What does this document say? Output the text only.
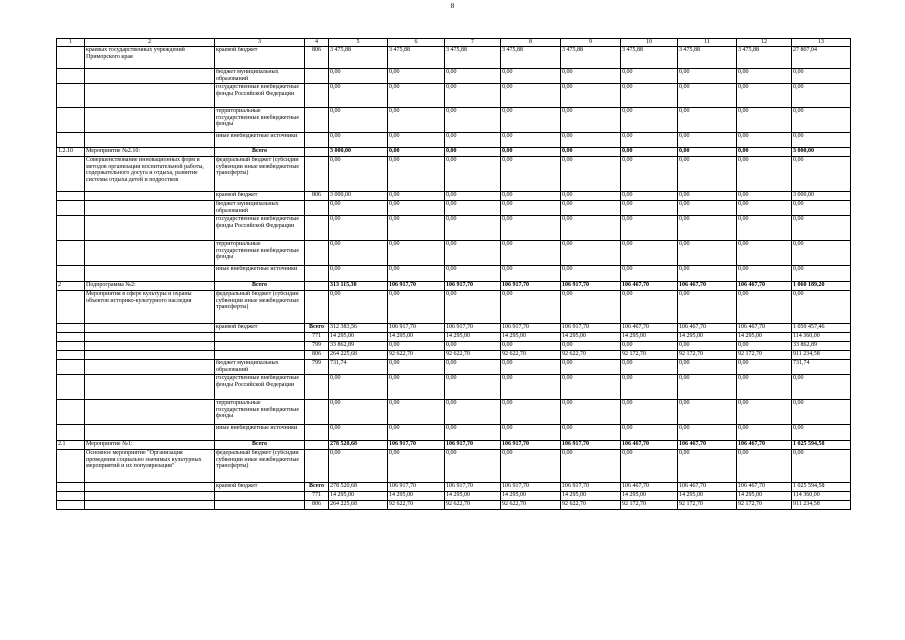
8
1	2	3	4	5	6	7	8	9	10	11	12	13
	краевых государственных учреждений Приморского края	краевой бюджет	806	3 475,88	3 475,88	3 475,88	3 475,88	3 475,88	3 475,88	3 475,88	3 475,88	27 807,04
		бюджет муниципальных образований		0,00	0,00	0,00	0,00	0,00	0,00	0,00	0,00	0,00
		государственные внебюджетные фонды Российской Федерации		0,00	0,00	0,00	0,00	0,00	0,00	0,00	0,00	0,00
		территориальные государственные внебюджетные фонды		0,00	0,00	0,00	0,00	0,00	0,00	0,00	0,00	0,00
		иные внебюджетные источники		0,00	0,00	0,00	0,00	0,00	0,00	0,00	0,00	0,00
1.2.10	Мероприятие №2.10:	Всего		3 000,00	0,00	0,00	0,00	0,00	0,00	0,00	0,00	3 000,00
	Совершенствование инновационных форм и методов организации воспитательной работы, содержательного досуга и отдыха, развитие системы отдыха детей и подростков	федеральный бюджет (субсидии субвенции иные межбюджетные трансферты)		0,00	0,00	0,00	0,00	0,00	0,00	0,00	0,00	0,00
		краевой бюджет	806	3 000,00	0,00	0,00	0,00	0,00	0,00	0,00	0,00	3 000,00
		бюджет муниципальных образований		0,00	0,00	0,00	0,00	0,00	0,00	0,00	0,00	0,00
		государственные внебюджетные фонды Российской Федерации		0,00	0,00	0,00	0,00	0,00	0,00	0,00	0,00	0,00
		территориальные государственные внебюджетные фонды		0,00	0,00	0,00	0,00	0,00	0,00	0,00	0,00	0,00
		иные внебюджетные источники		0,00	0,00	0,00	0,00	0,00	0,00	0,00	0,00	0,00
2	Подпрограмма №2:	Всего		313 115,30	106 917,70	106 917,70	106 917,70	106 917,70	106 467,70	106 467,70	106 467,70	1 060 189,20
	Мероприятия в сфере культуры и охраны объектов историко-культурного наследия	федеральный бюджет (субсидии субвенции иные межбюджетные трансферты)		0,00	0,00	0,00	0,00	0,00	0,00	0,00	0,00	0,00
		краевой бюджет	Всего	312 383,56	106 917,70	106 917,70	106 917,70	106 917,70	106 467,70	106 467,70	106 467,70	1 059 457,46
			771	14 295,00	14 295,00	14 295,00	14 295,00	14 295,00	14 295,00	14 295,00	14 295,00	114 360,00
			799	33 862,89	0,00	0,00	0,00	0,00	0,00	0,00	0,00	33 862,89
			806	264 225,68	92 622,70	92 622,70	92 622,70	92 622,70	92 172,70	92 172,70	92 172,70	911 234,58
		бюджет муниципальных образований	799	731,74	0,00	0,00	0,00	0,00	0,00	0,00	0,00	731,74
		государственные внебюджетные фонды Российской Федерации		0,00	0,00	0,00	0,00	0,00	0,00	0,00	0,00	0,00
		территориальные государственные внебюджетные фонды		0,00	0,00	0,00	0,00	0,00	0,00	0,00	0,00	0,00
		иные внебюджетные источники		0,00	0,00	0,00	0,00	0,00	0,00	0,00	0,00	0,00
2.1	Мероприятие №1:	Всего		278 520,68	106 917,70	106 917,70	106 917,70	106 917,70	106 467,70	106 467,70	106 467,70	1 025 594,58
	Основное мероприятие "Организация проведения социально значимых культурных мероприятий и их популяризация"	федеральный бюджет (субсидии субвенции иные межбюджетные трансферты)		0,00	0,00	0,00	0,00	0,00	0,00	0,00	0,00	0,00
		краевой бюджет	Всего	278 520,68	106 917,70	106 917,70	106 917,70	106 917,70	106 467,70	106 467,70	106 467,70	1 025 594,58
			771	14 295,00	14 295,00	14 295,00	14 295,00	14 295,00	14 295,00	14 295,00	14 295,00	114 360,00
			806	264 225,68	92 622,70	92 622,70	92 622,70	92 622,70	92 172,70	92 172,70	92 172,70	911 234,58
